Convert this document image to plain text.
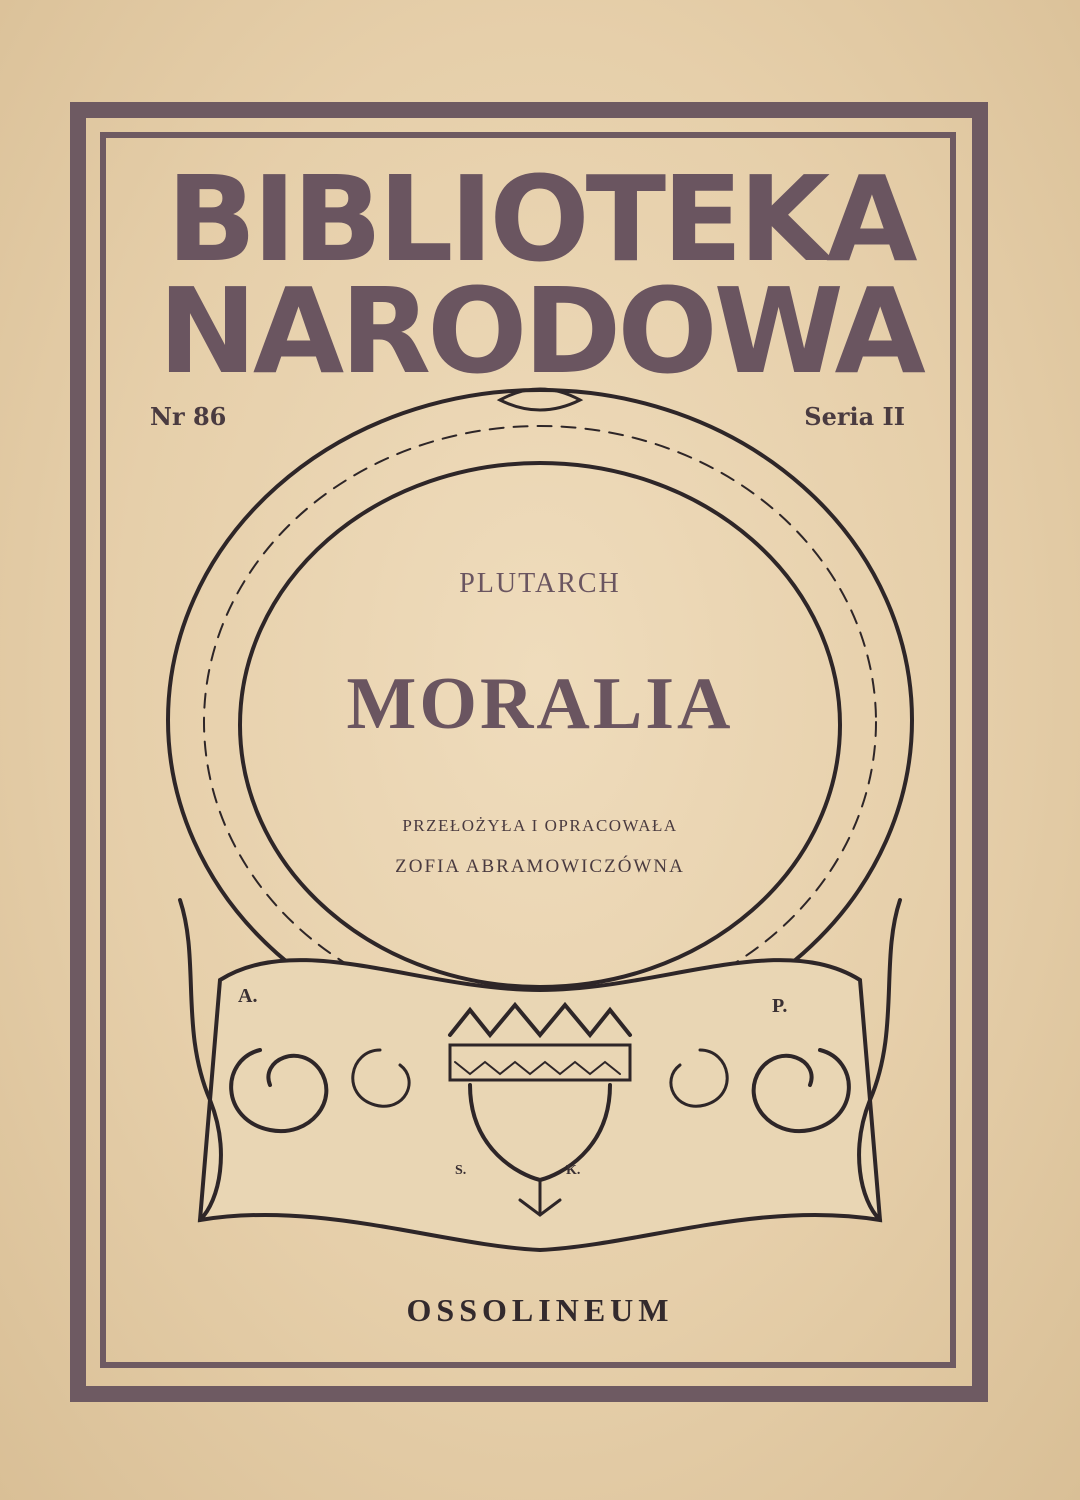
BIBLIOTEKA
NARODOWA
Nr 86	Seria II
PLUTARCH
MORALIA
PRZEŁOŻYŁA I OPRACOWAŁA
ZOFIA ABRAMOWICZÓWNA
A.	P.
S.	K.
OSSOLINEUM
